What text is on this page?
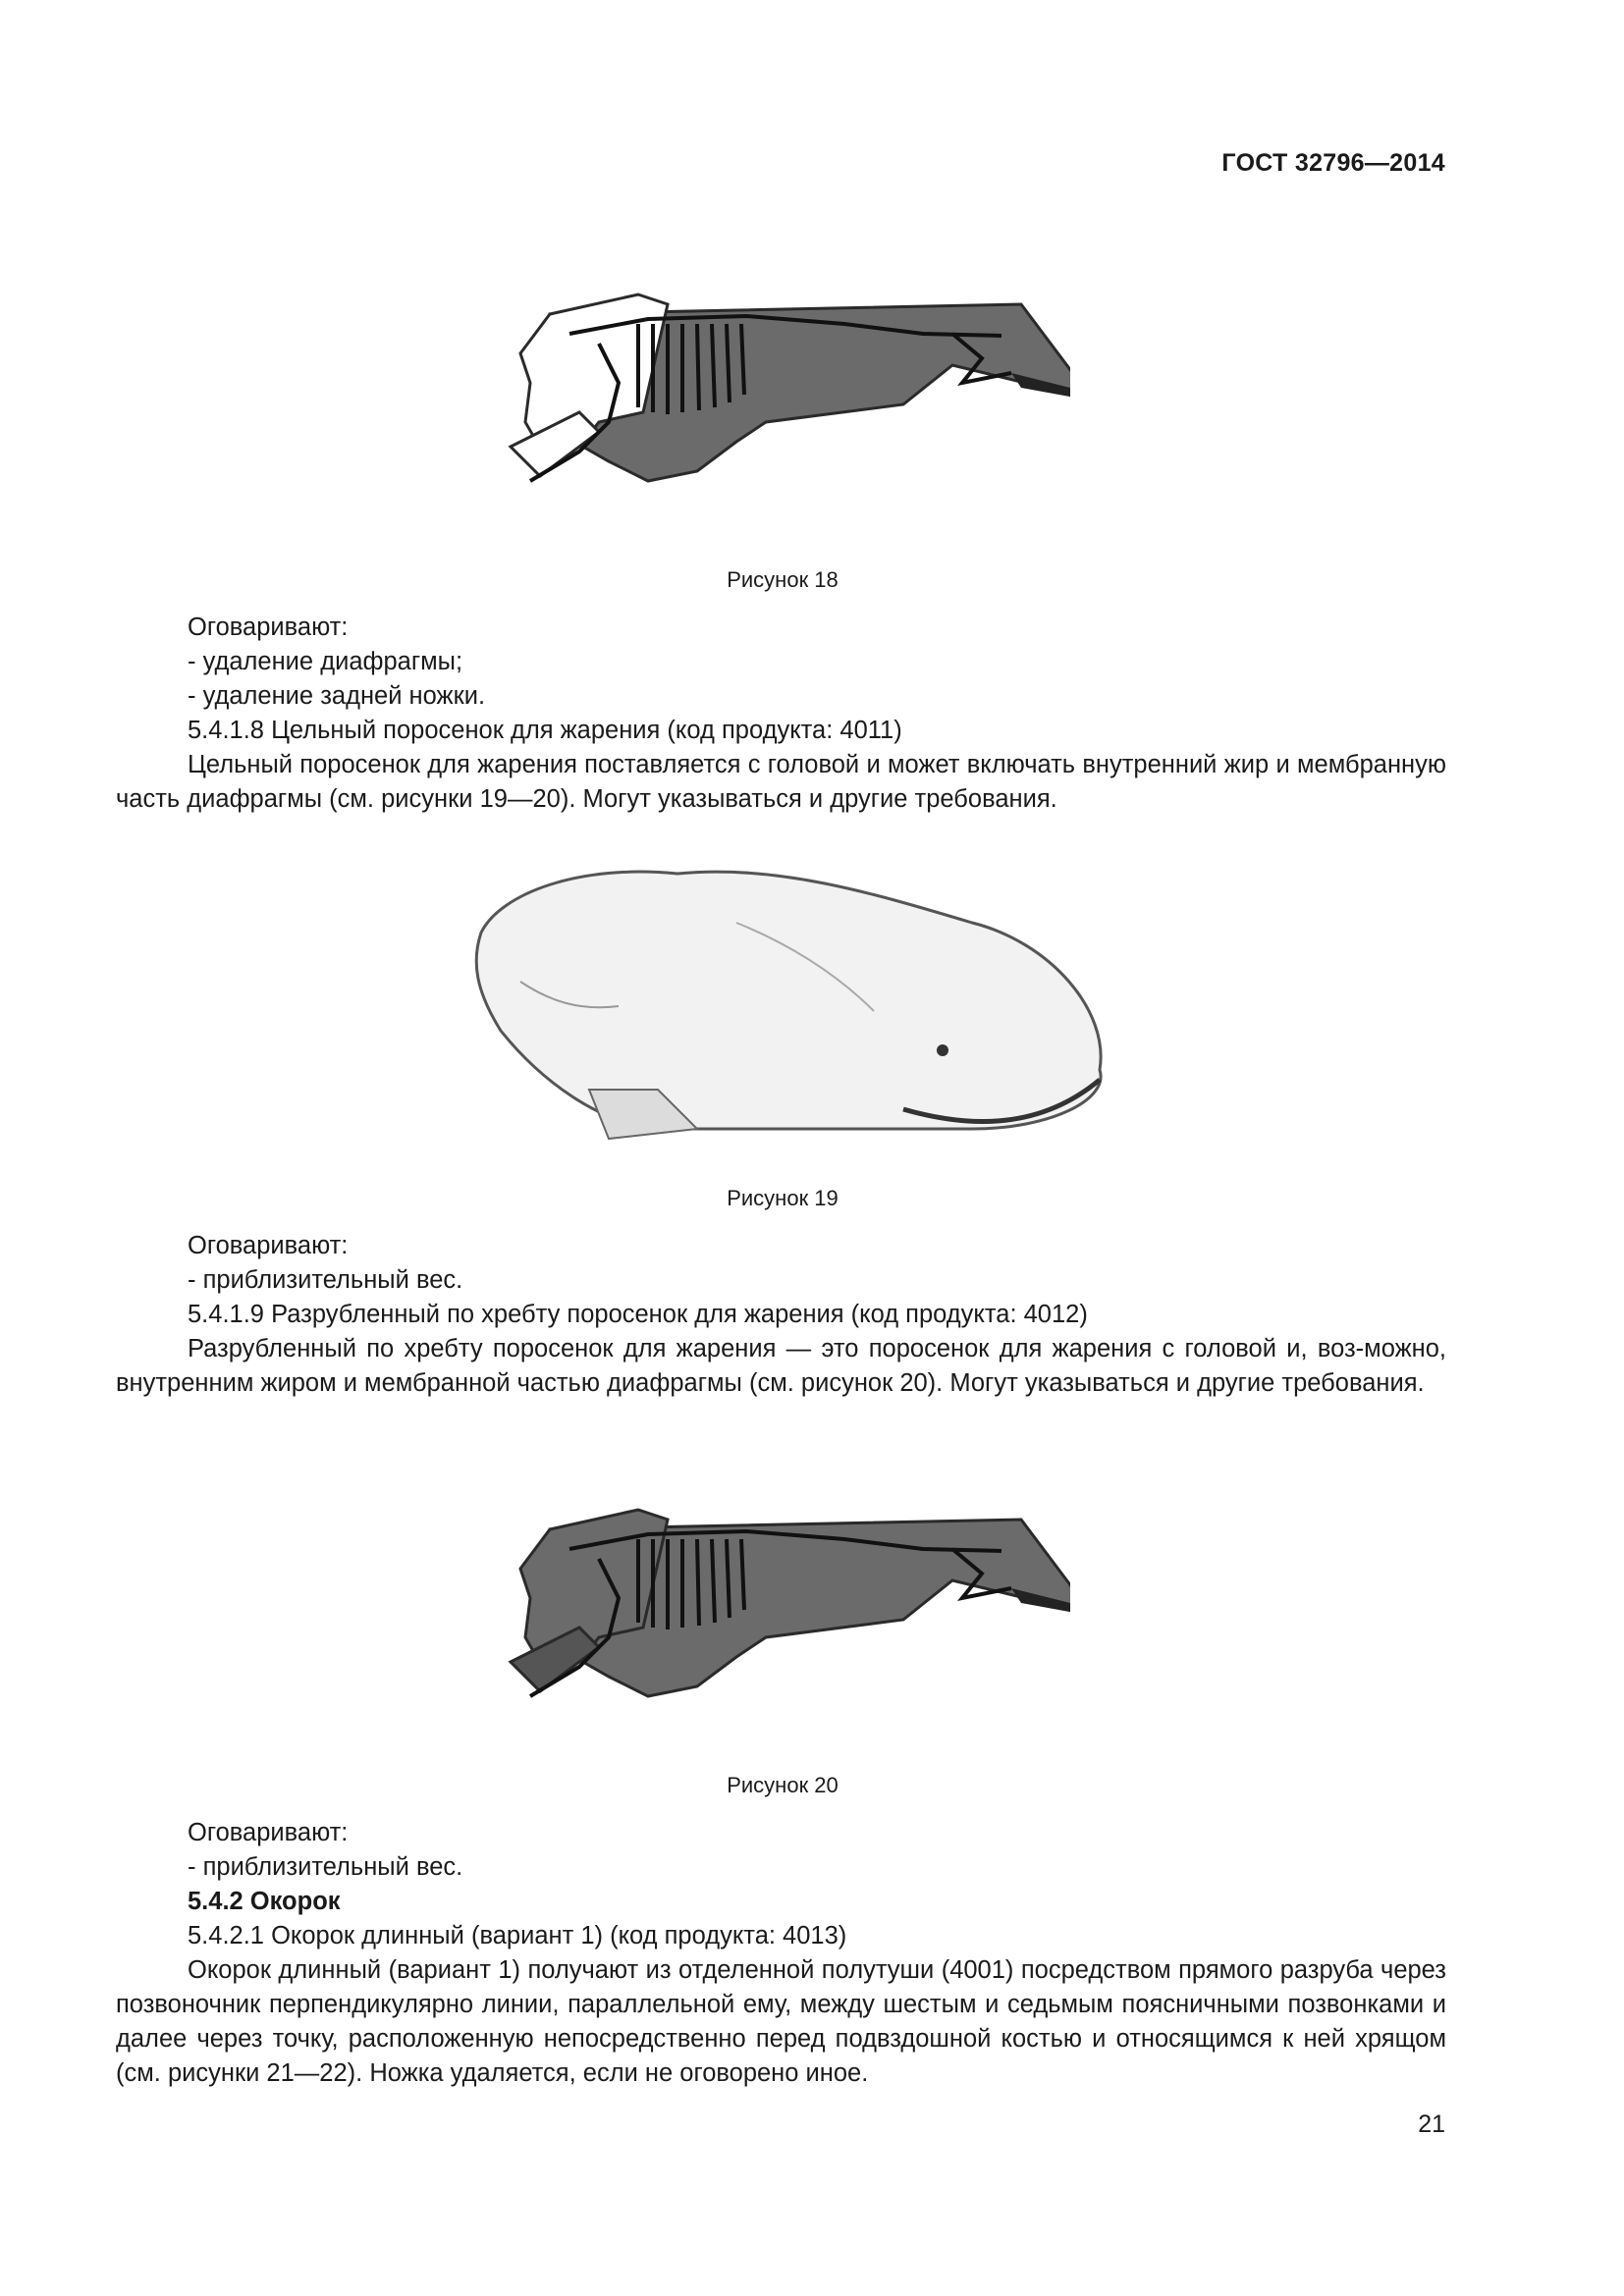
ГОСТ 32796—2014
Рисунок 18

Оговаривают:

- удаление диафрагмы;

- удаление задней ножки.

5.4.1.8 Цельный поросенок для жарения (код продукта: 4011)

Цельный поросенок для жарения поставляется с головой и может включать внутренний жир и мембранную часть диафрагмы (см. рисунки 19—20). Могут указываться и другие требования.

Рисунок 19

Оговаривают:

- приблизительный вес.

5.4.1.9 Разрубленный по хребту поросенок для жарения (код продукта: 4012)

Разрубленный по хребту поросенок для жарения — это поросенок для жарения с головой и, воз-можно, внутренним жиром и мембранной частью диафрагмы (см. рисунок 20). Могут указываться и другие требования.

Рисунок 20

Оговаривают:

- приблизительный вес.

5.4.2 Окорок

5.4.2.1 Окорок длинный (вариант 1) (код продукта: 4013)

Окорок длинный (вариант 1) получают из отделенной полутуши (4001) посредством прямого разруба через позвоночник перпендикулярно линии, параллельной ему, между шестым и седьмым поясничными позвонками и далее через точку, расположенную непосредственно перед подвздошной костью и относящимся к ней хрящом (см. рисунки 21—22). Ножка удаляется, если не оговорено иное.

21
